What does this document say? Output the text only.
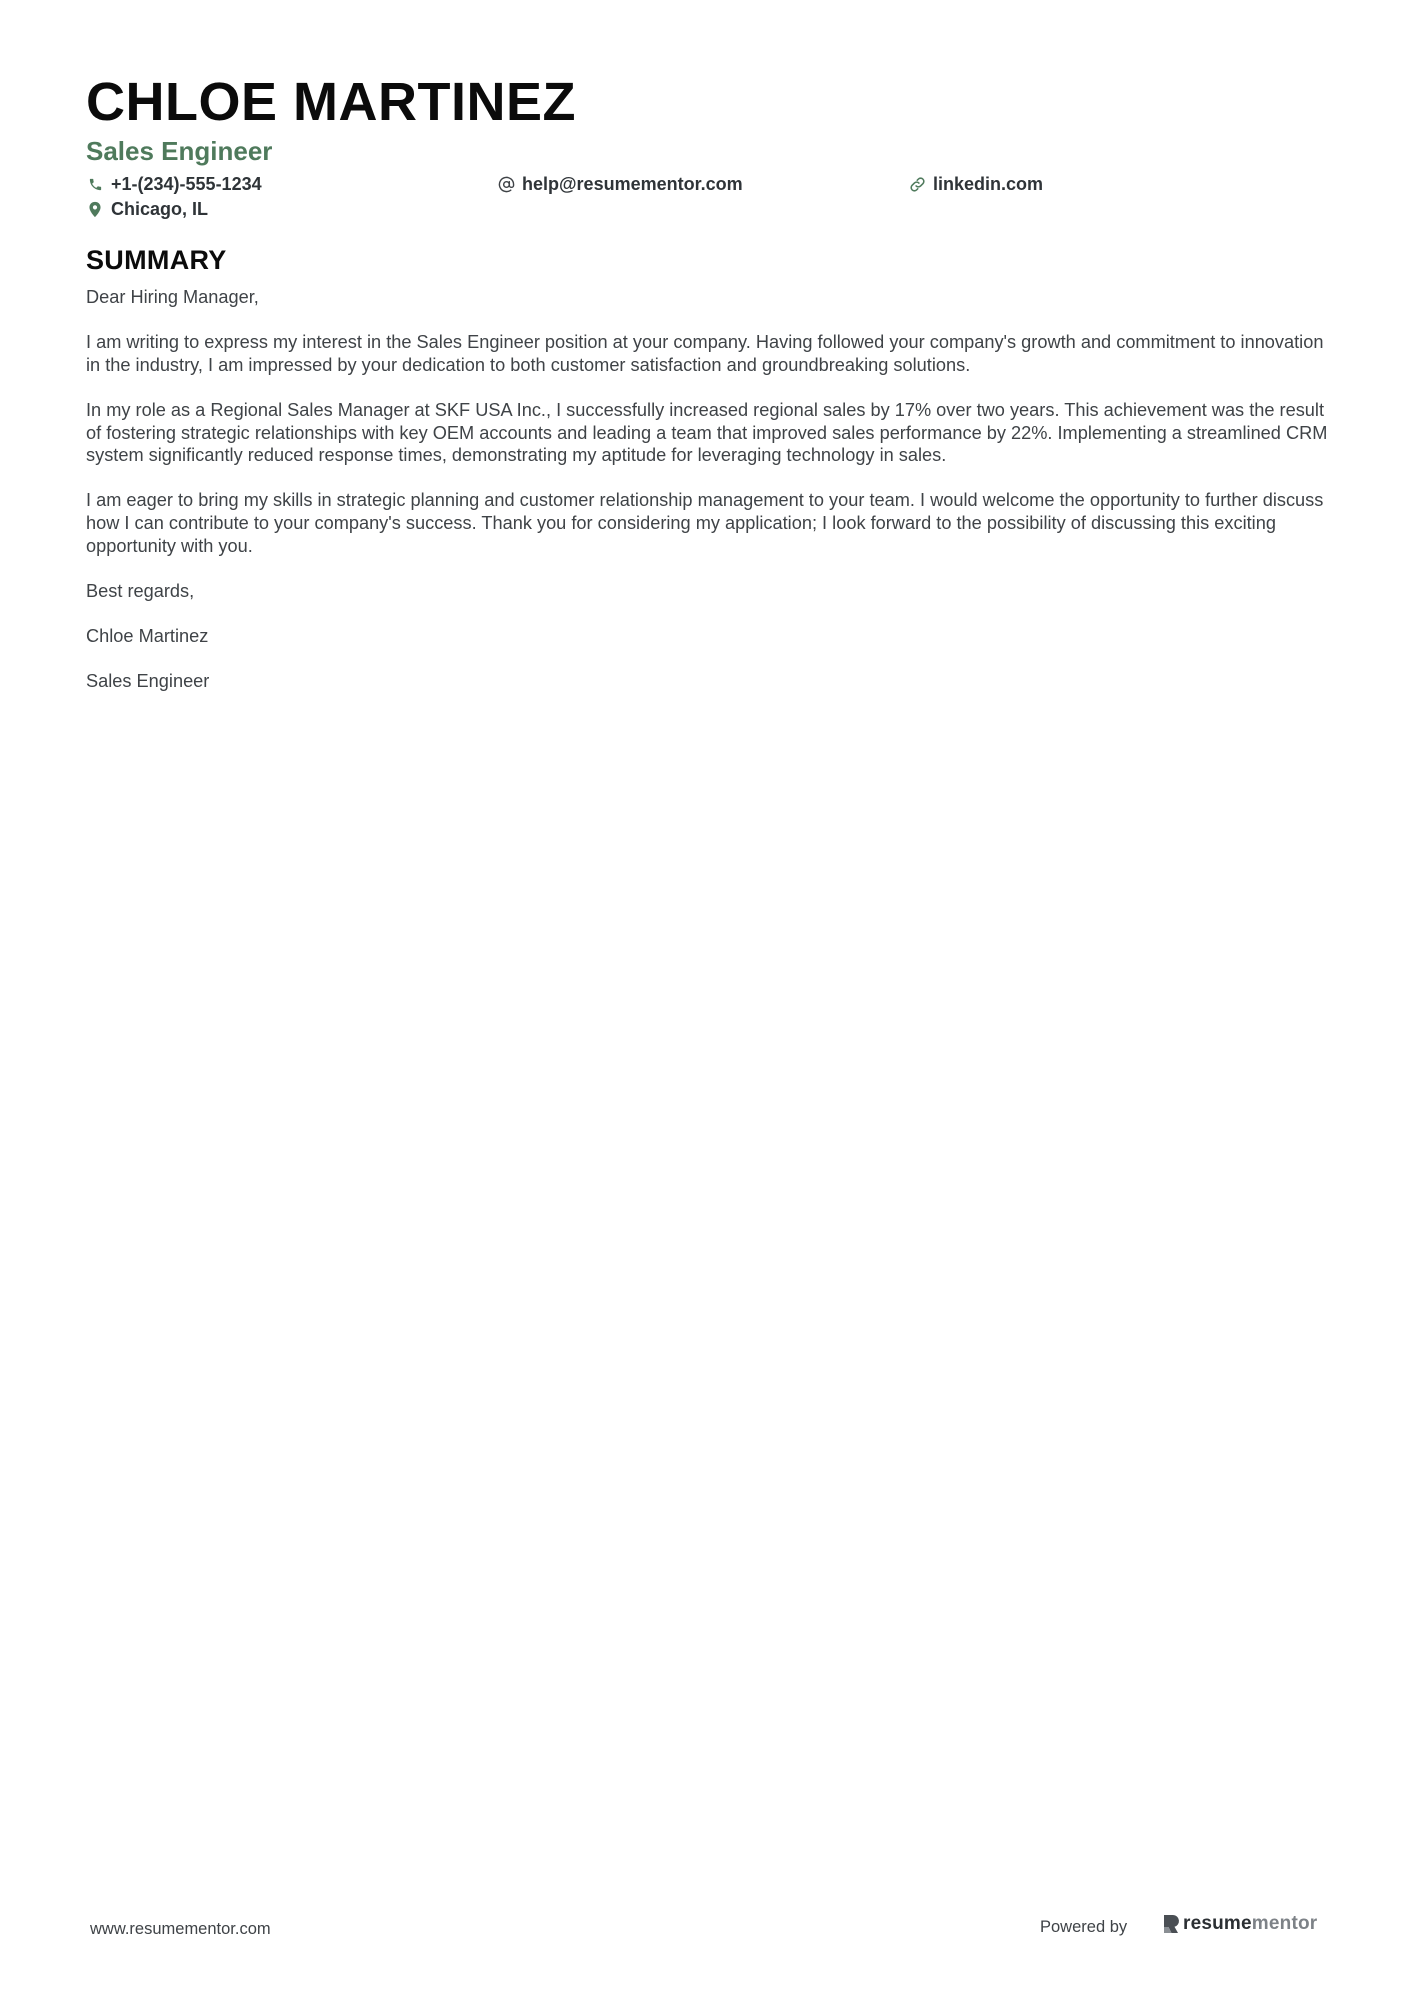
CHLOE MARTINEZ
Sales Engineer
+1-(234)-555-1234	help@resumementor.com	linkedin.com
Chicago, IL
SUMMARY

Dear Hiring Manager,

I am writing to express my interest in the Sales Engineer position at your company. Having followed your company's growth and commitment to innovation in the industry, I am impressed by your dedication to both customer satisfaction and groundbreaking solutions.

In my role as a Regional Sales Manager at SKF USA Inc., I successfully increased regional sales by 17% over two years. This achievement was the result of fostering strategic relationships with key OEM accounts and leading a team that improved sales performance by 22%. Implementing a streamlined CRM system significantly reduced response times, demonstrating my aptitude for leveraging technology in sales.

I am eager to bring my skills in strategic planning and customer relationship management to your team. I would welcome the opportunity to further discuss how I can contribute to your company's success. Thank you for considering my application; I look forward to the possibility of discussing this exciting opportunity with you.

Best regards,

Chloe Martinez

Sales Engineer

www.resumementor.com	Powered by	resume mentor
